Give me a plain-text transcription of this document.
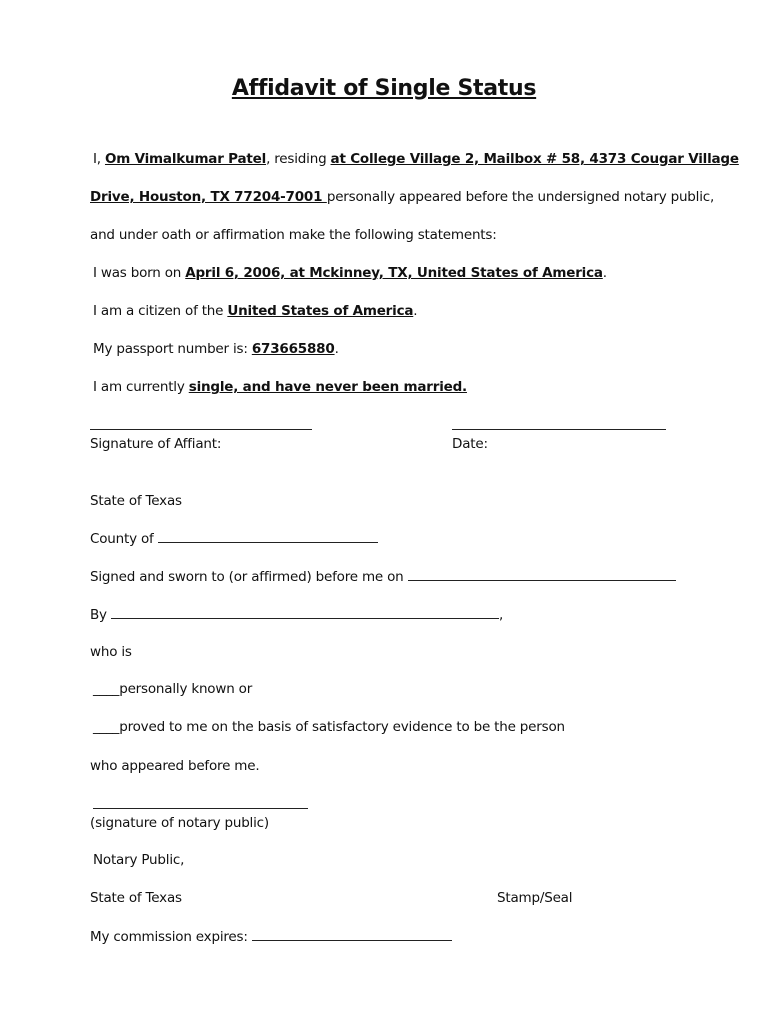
Affidavit of Single Status
I, Om Vimalkumar Patel, residing at College Village 2, Mailbox # 58, 4373 Cougar Village
Drive, Houston, TX 77204-7001 personally appeared before the undersigned notary public,
and under oath or affirmation make the following statements:
I was born on April 6, 2006, at Mckinney, TX, United States of America.
I am a citizen of the United States of America.
My passport number is: 673665880.
I am currently single, and have never been married.
Signature of Affiant:	Date:
State of Texas
County of
Signed and sworn to (or affirmed) before me on
By	,
who is
____personally known or
____proved to me on the basis of satisfactory evidence to be the person
who appeared before me.
(signature of notary public)
Notary Public,
State of Texas	Stamp/Seal
My commission expires:
